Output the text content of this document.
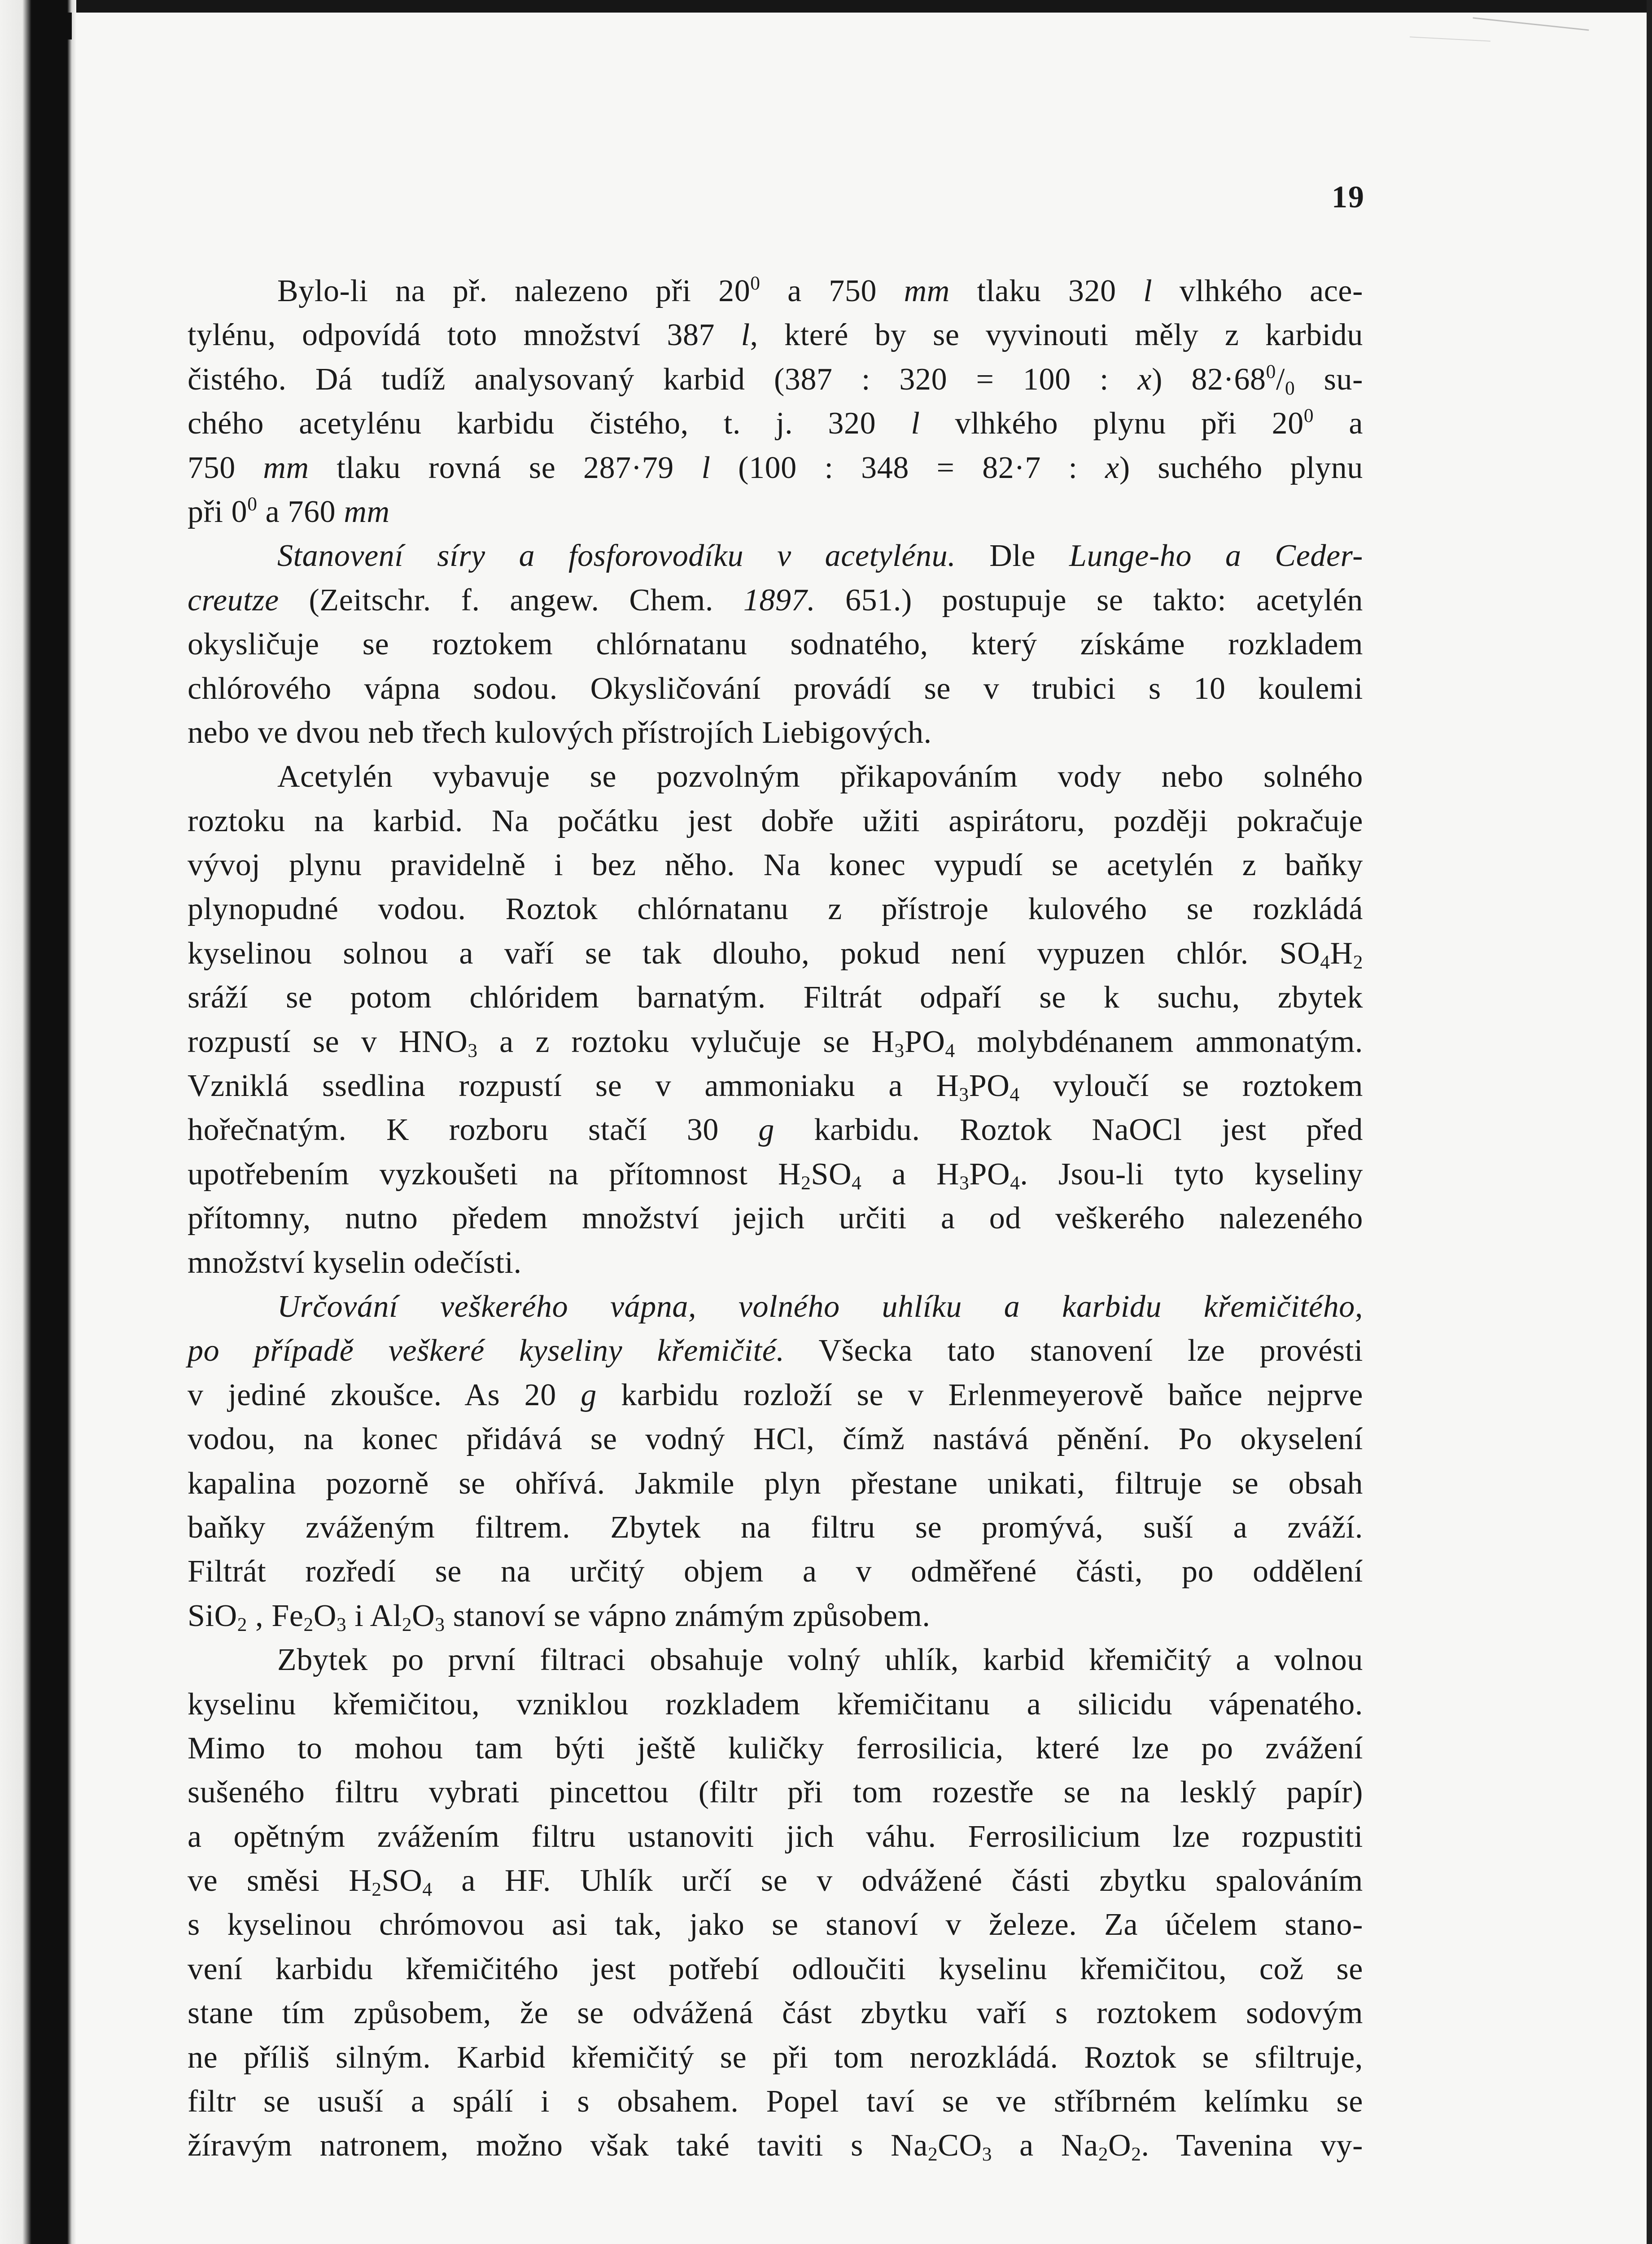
19
Bylo-li na př. nalezeno při $20^0$ a 750 mm tlaku 320 l vlhkého ace-
tylénu, odpovídá toto množství 387 l, které by se vyvinouti měly z karbidu
čistého. Dá tudíž analysovaný karbid (387 : 320 = 100 : x) $82\cdot 68^0/_0$ su-
chého acetylénu karbidu čistého, t. j. 320 l vlhkého plynu při $20^0$ a
750 mm tlaku rovná se 287·79 l (100 : 348 = 82·7 : x) suchého plynu
při $0^0$ a 760 mm
Stanovení síry a fosforovodíku v acetylénu. Dle Lunge-ho a Ceder-
creutze (Zeitschr. f. angew. Chem. 1897. 651.) postupuje se takto: acetylén
okysličuje se roztokem chlórnatanu sodnatého, který získáme rozkladem
chlórového vápna sodou. Okysličování provádí se v trubici s 10 koulemi
nebo ve dvou neb třech kulových přístrojích Liebigových.
Acetylén vybavuje se pozvolným přikapováním vody nebo solného
roztoku na karbid. Na počátku jest dobře užiti aspirátoru, později pokračuje
vývoj plynu pravidelně i bez něho. Na konec vypudí se acetylén z baňky
plynopudné vodou. Roztok chlórnatanu z přístroje kulového se rozkládá
kyselinou solnou a vaří se tak dlouho, pokud není vypuzen chlór. $SO_4H_2$
sráží se potom chlóridem barnatým. Filtrát odpaří se k suchu, zbytek
rozpustí se v $HNO_3$ a z roztoku vylučuje se $H_3PO_4$ molybdénanem ammonatým.
Vzniklá ssedlina rozpustí se v ammoniaku a $H_3PO_4$ vyloučí se roztokem
hořečnatým. K rozboru stačí 30 g karbidu. Roztok NaOCl jest před
upotřebením vyzkoušeti na přítomnost $H_2SO_4$ a $H_3PO_4$. Jsou-li tyto kyseliny
přítomny, nutno předem množství jejich určiti a od veškerého nalezeného
množství kyselin odečísti.
Určování veškerého vápna, volného uhlíku a karbidu křemičitého,
po případě veškeré kyseliny křemičité. Všecka tato stanovení lze provésti
v jediné zkoušce. As 20 g karbidu rozloží se v Erlenmeyerově baňce nejprve
vodou, na konec přidává se vodný HCl, čímž nastává pěnění. Po okyselení
kapalina pozorně se ohřívá. Jakmile plyn přestane unikati, filtruje se obsah
baňky zváženým filtrem. Zbytek na filtru se promývá, suší a zváží.
Filtrát rozředí se na určitý objem a v odměřené části, po oddělení
SiO$_2$ , $Fe_2O_3$ i $Al_2O_3$ stanoví se vápno známým způsobem.
Zbytek po první filtraci obsahuje volný uhlík, karbid křemičitý a volnou
kyselinu křemičitou, vzniklou rozkladem křemičitanu a silicidu vápenatého.
Mimo to mohou tam býti ještě kuličky ferrosilicia, které lze po zvážení
sušeného filtru vybrati pincettou (filtr při tom rozestře se na lesklý papír)
a opětným zvážením filtru ustanoviti jich váhu. Ferrosilicium lze rozpustiti
ve směsi $H_2SO_4$ a HF. Uhlík určí se v odvážené části zbytku spalováním
s kyselinou chrómovou asi tak, jako se stanoví v železe. Za účelem stano-
vení karbidu křemičitého jest potřebí odloučiti kyselinu křemičitou, což se
stane tím způsobem, že se odvážená část zbytku vaří s roztokem sodovým
ne příliš silným. Karbid křemičitý se při tom nerozkládá. Roztok se sfiltruje,
filtr se usuší a spálí i s obsahem. Popel taví se ve stříbrném kelímku se
žíravým natronem, možno však také taviti s $Na_2CO_3$ a $Na_2O_2$. Tavenina vy-
